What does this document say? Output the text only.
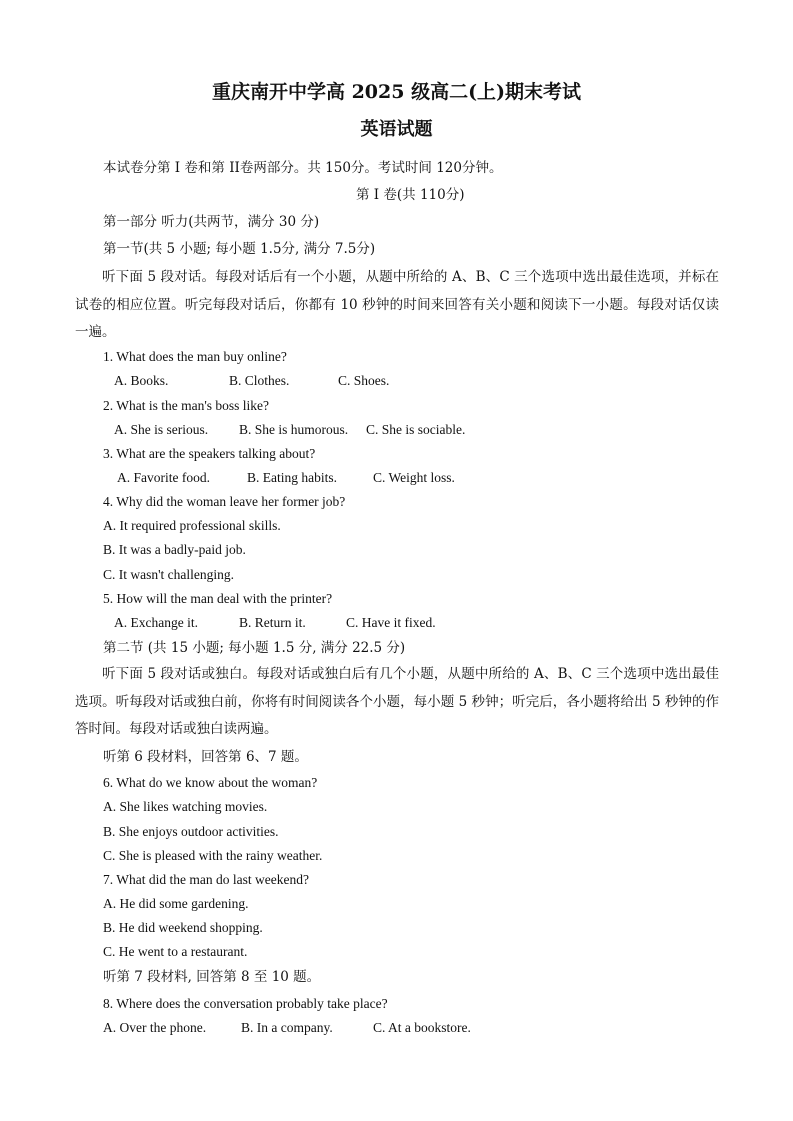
重庆南开中学高 2025 级高二(上)期末考试
英语试题
本试卷分第 I 卷和第 II卷两部分。共 150分。考试时间 120分钟。
第 I 卷(共 110分)
第一部分 听力(共两节，满分 30 分)
第一节(共 5 小题; 每小题 1.5分, 满分 7.5分)
听下面 5 段对话。每段对话后有一个小题，从题中所给的 A、B、C 三个选项中选出最佳选项，并标在试卷的相应位置。听完每段对话后，你都有 10 秒钟的时间来回答有关小题和阅读下一小题。每段对话仅读一遍。
1. What does the man buy online?
A. Books.	B. Clothes.	C. Shoes.
2. What is the man's boss like?
A. She is serious. B. She is humorous. C. She is sociable.
3. What are the speakers talking about?
A. Favorite food.	B. Eating habits.	C. Weight loss.
4. Why did the woman leave her former job?
A. It required professional skills.
B. It was a badly-paid job.
C. It wasn't challenging.
5. How will the man deal with the printer?
A. Exchange it.	B. Return it.	C. Have it fixed.
第二节 (共 15 小题; 每小题 1.5 分, 满分 22.5 分)
听下面 5 段对话或独白。每段对话或独白后有几个小题，从题中所给的 A、B、C 三个选项中选出最佳选项。听每段对话或独白前，你将有时间阅读各个小题，每小题 5 秒钟；听完后，各小题将给出 5 秒钟的作答时间。每段对话或独白读两遍。
听第 6 段材料，回答第 6、7 题。
6. What do we know about the woman?
A. She likes watching movies.
B. She enjoys outdoor activities.
C. She is pleased with the rainy weather.
7. What did the man do last weekend?
A. He did some gardening.
B. He did weekend shopping.
C. He went to a restaurant.
听第 7 段材料, 回答第 8 至 10 题。
8. Where does the conversation probably take place?
A. Over the phone.	B. In a company.	C. At a bookstore.
